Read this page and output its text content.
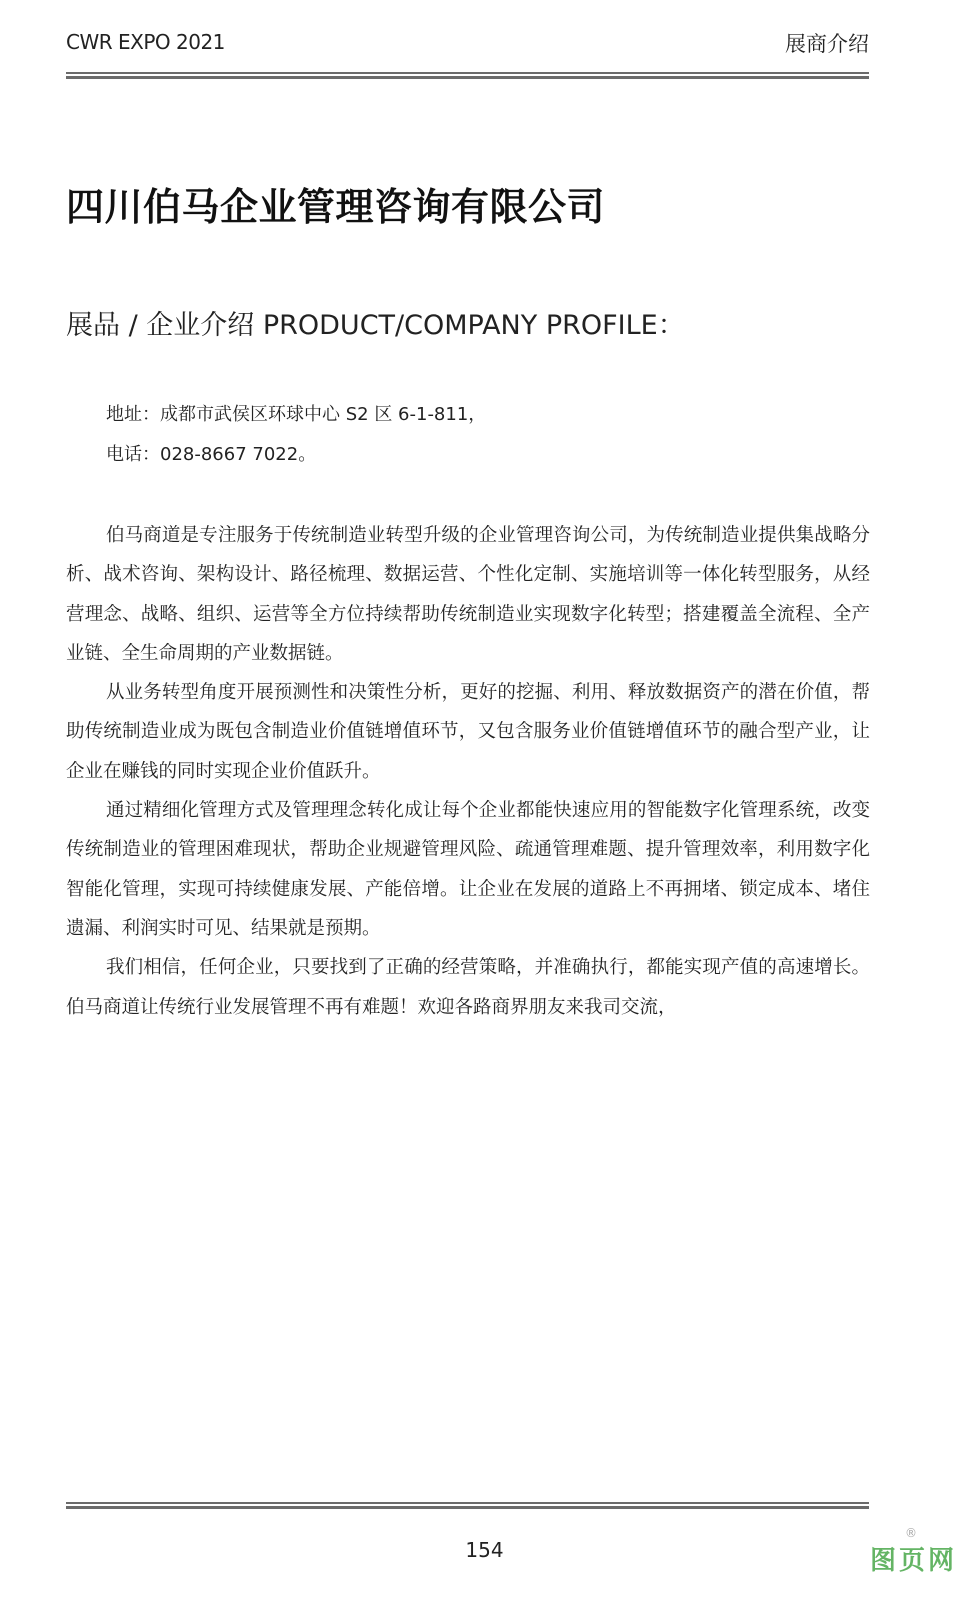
CWR EXPO 2021	展商介绍
四川伯马企业管理咨询有限公司
展品 / 企业介绍 PRODUCT/COMPANY PROFILE：
地址：成都市武侯区环球中心 S2 区 6-1-811，
电话：028-8667 7022。

伯马商道是专注服务于传统制造业转型升级的企业管理咨询公司，为传统制造业提供集战略分析、战术咨询、架构设计、路径梳理、数据运营、个性化定制、实施培训等一体化转型服务，从经营理念、战略、组织、运营等全方位持续帮助传统制造业实现数字化转型；搭建覆盖全流程、全产业链、全生命周期的产业数据链。

从业务转型角度开展预测性和决策性分析，更好的挖掘、利用、释放数据资产的潜在价值，帮助传统制造业成为既包含制造业价值链增值环节，又包含服务业价值链增值环节的融合型产业，让企业在赚钱的同时实现企业价值跃升。

通过精细化管理方式及管理理念转化成让每个企业都能快速应用的智能数字化管理系统，改变传统制造业的管理困难现状，帮助企业规避管理风险、疏通管理难题、提升管理效率，利用数字化智能化管理，实现可持续健康发展、产能倍增。让企业在发展的道路上不再拥堵、锁定成本、堵住遗漏、利润实时可见、结果就是预期。

我们相信，任何企业，只要找到了正确的经营策略，并准确执行，都能实现产值的高速增长。伯马商道让传统行业发展管理不再有难题！欢迎各路商界朋友来我司交流，

154	图页网
®
